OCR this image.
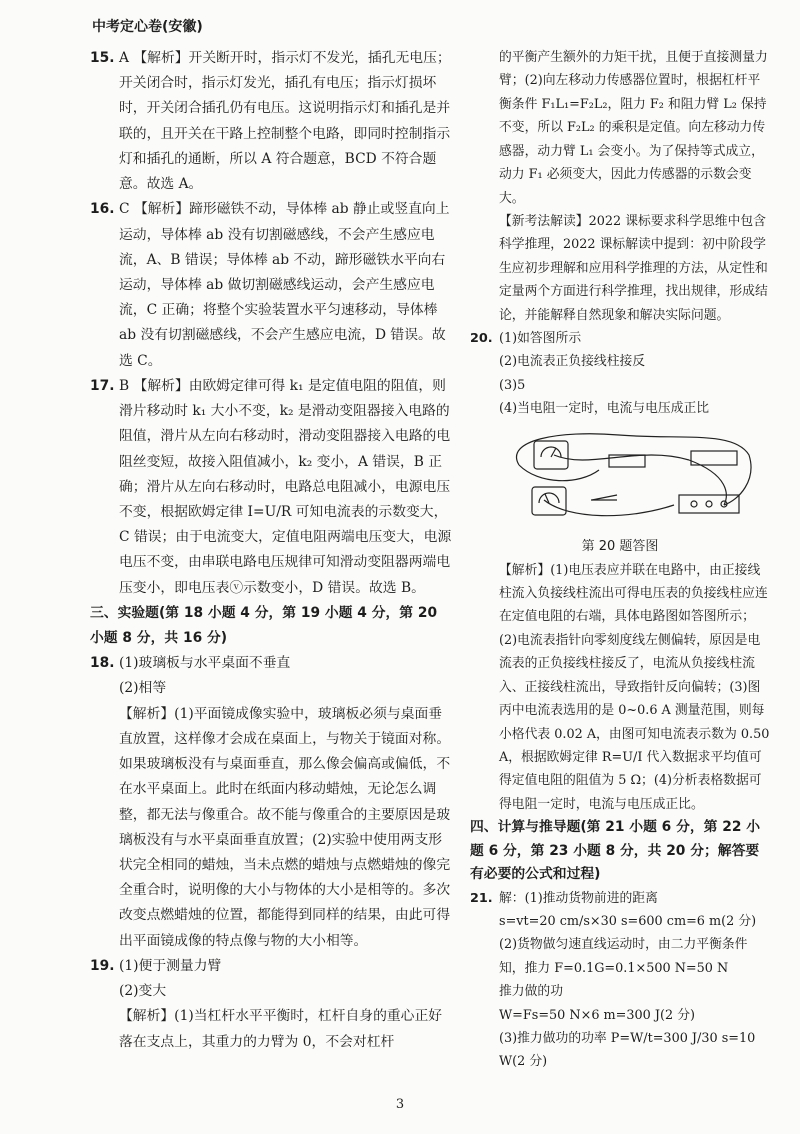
中考定心卷(安徽)

15. A 【解析】开关断开时，指示灯不发光，插孔无电压；开关闭合时，指示灯发光，插孔有电压；指示灯损坏时，开关闭合插孔仍有电压。这说明指示灯和插孔是并联的，且开关在干路上控制整个电路，即同时控制指示灯和插孔的通断，所以 A 符合题意，BCD 不符合题意。故选 A。

16. C 【解析】蹄形磁铁不动，导体棒 ab 静止或竖直向上运动，导体棒 ab 没有切割磁感线，不会产生感应电流，A、B 错误；导体棒 ab 不动，蹄形磁铁水平向右运动，导体棒 ab 做切割磁感线运动，会产生感应电流，C 正确；将整个实验装置水平匀速移动，导体棒 ab 没有切割磁感线，不会产生感应电流，D 错误。故选 C。

17. B 【解析】由欧姆定律可得 k₁ 是定值电阻的阻值，则滑片移动时 k₁ 大小不变，k₂ 是滑动变阻器接入电路的阻值，滑片从左向右移动时，滑动变阻器接入电路的电阻丝变短，故接入阻值减小，k₂ 变小，A 错误，B 正确；滑片从左向右移动时，电路总电阻减小，电源电压不变，根据欧姆定律 I=U/R 可知电流表的示数变大，C 错误；由于电流变大，定值电阻两端电压变大，电源电压不变，由串联电路电压规律可知滑动变阻器两端电压变小，即电压表ⓥ示数变小，D 错误。故选 B。

三、实验题(第 18 小题 4 分，第 19 小题 4 分，第 20 小题 8 分，共 16 分)

18. (1)玻璃板与水平桌面不垂直

(2)相等

【解析】(1)平面镜成像实验中，玻璃板必须与桌面垂直放置，这样像才会成在桌面上，与物关于镜面对称。如果玻璃板没有与桌面垂直，那么像会偏高或偏低，不在水平桌面上。此时在纸面内移动蜡烛，无论怎么调整，都无法与像重合。故不能与像重合的主要原因是玻璃板没有与水平桌面垂直放置；(2)实验中使用两支形状完全相同的蜡烛，当未点燃的蜡烛与点燃蜡烛的像完全重合时，说明像的大小与物体的大小是相等的。多次改变点燃蜡烛的位置，都能得到同样的结果，由此可得出平面镜成像的特点像与物的大小相等。

19. (1)便于测量力臂

(2)变大

【解析】(1)当杠杆水平平衡时，杠杆自身的重心正好落在支点上，其重力的力臂为 0，不会对杠杆

的平衡产生额外的力矩干扰，且便于直接测量力臂；(2)向左移动力传感器位置时，根据杠杆平衡条件 F₁L₁=F₂L₂，阻力 F₂ 和阻力臂 L₂ 保持不变，所以 F₂L₂ 的乘积是定值。向左移动力传感器，动力臂 L₁ 会变小。为了保持等式成立，动力 F₁ 必须变大，因此力传感器的示数会变大。

【新考法解读】2022 课标要求科学思维中包含科学推理，2022 课标解读中提到：初中阶段学生应初步理解和应用科学推理的方法，从定性和定量两个方面进行科学推理，找出规律，形成结论，并能解释自然现象和解决实际问题。

20. (1)如答图所示

(2)电流表正负接线柱接反

(3)5

(4)当电阻一定时，电流与电压成正比

第 20 题答图

【解析】(1)电压表应并联在电路中，由正接线柱流入负接线柱流出可得电压表的负接线柱应连在定值电阻的右端，具体电路图如答图所示；(2)电流表指针向零刻度线左侧偏转，原因是电流表的正负接线柱接反了，电流从负接线柱流入、正接线柱流出，导致指针反向偏转；(3)图丙中电流表选用的是 0~0.6 A 测量范围，则每小格代表 0.02 A，由图可知电流表示数为 0.50 A，根据欧姆定律 R=U/I 代入数据求平均值可得定值电阻的阻值为 5 Ω；(4)分析表格数据可得电阻一定时，电流与电压成正比。

四、计算与推导题(第 21 小题 6 分，第 22 小题 6 分，第 23 小题 8 分，共 20 分；解答要有必要的公式和过程)

21. 解：(1)推动货物前进的距离

s=vt=20 cm/s×30 s=600 cm=6 m(2 分)

(2)货物做匀速直线运动时，由二力平衡条件知，推力 F=0.1G=0.1×500 N=50 N

推力做的功

W=Fs=50 N×6 m=300 J(2 分)

(3)推力做功的功率 P=W/t=300 J/30 s=10 W(2 分)

3
